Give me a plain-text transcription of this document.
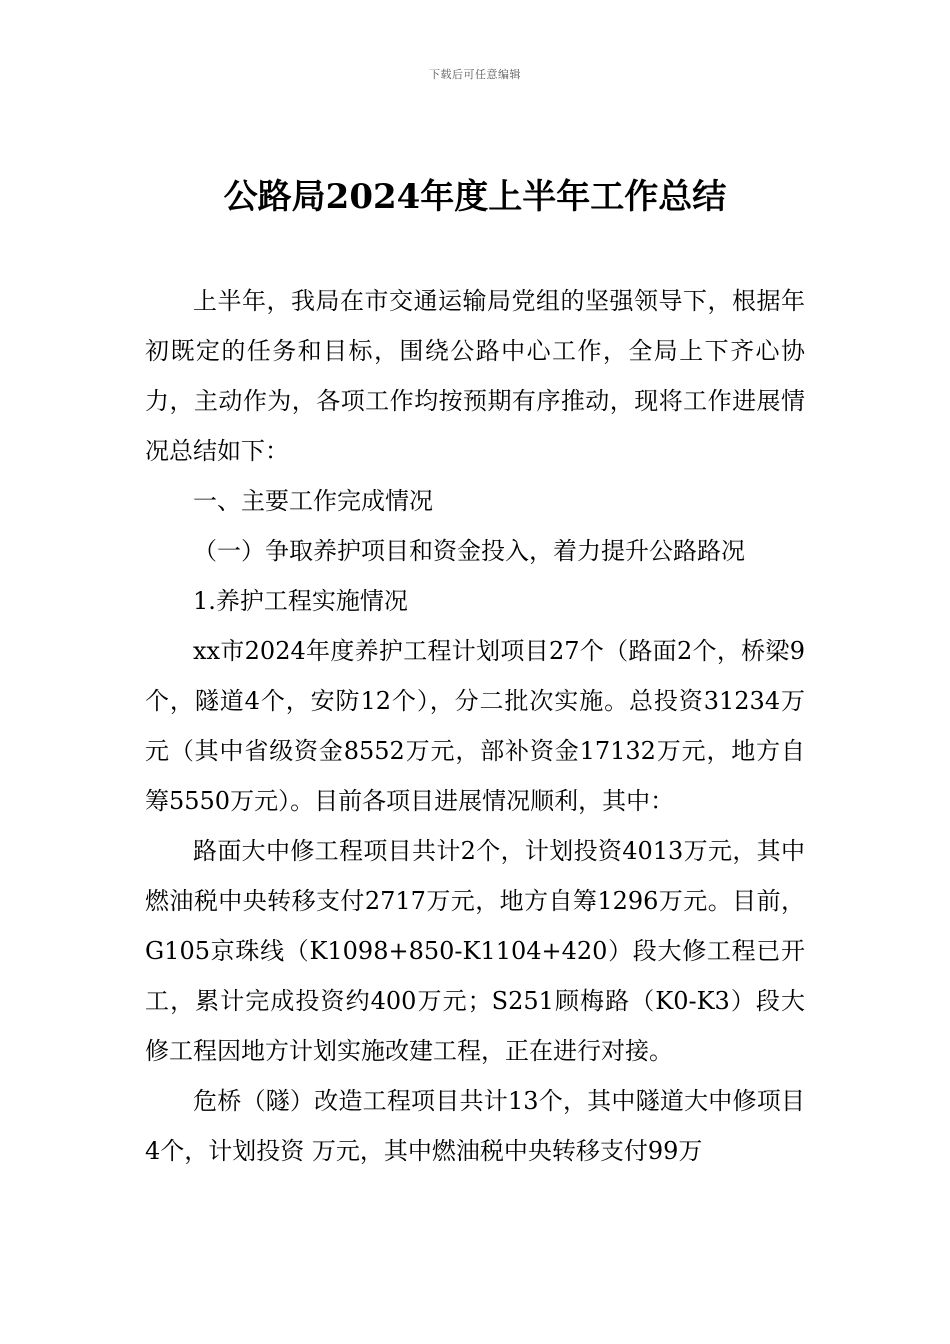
下载后可任意编辑
公路局2024年度上半年工作总结

上半年，我局在市交通运输局党组的坚强领导下，根据年初既定的任务和目标，围绕公路中心工作，全局上下齐心协力，主动作为，各项工作均按预期有序推动，现将工作进展情况总结如下：

一、主要工作完成情况

（一）争取养护项目和资金投入，着力提升公路路况

1.养护工程实施情况

xx市2024年度养护工程计划项目27个（路面2个，桥梁9个，隧道4个，安防12个），分二批次实施。总投资31234万元（其中省级资金8552万元，部补资金17132万元，地方自筹5550万元）。目前各项目进展情况顺利，其中：

路面大中修工程项目共计2个，计划投资4013万元，其中燃油税中央转移支付2717万元，地方自筹1296万元。目前，G105京珠线（K1098+850-K1104+420）段大修工程已开工，累计完成投资约400万元；S251顾梅路（K0-K3）段大修工程因地方计划实施改建工程，正在进行对接。

危桥（隧）改造工程项目共计13个，其中隧道大中修项目4个，计划投资 万元，其中燃油税中央转移支付99万
